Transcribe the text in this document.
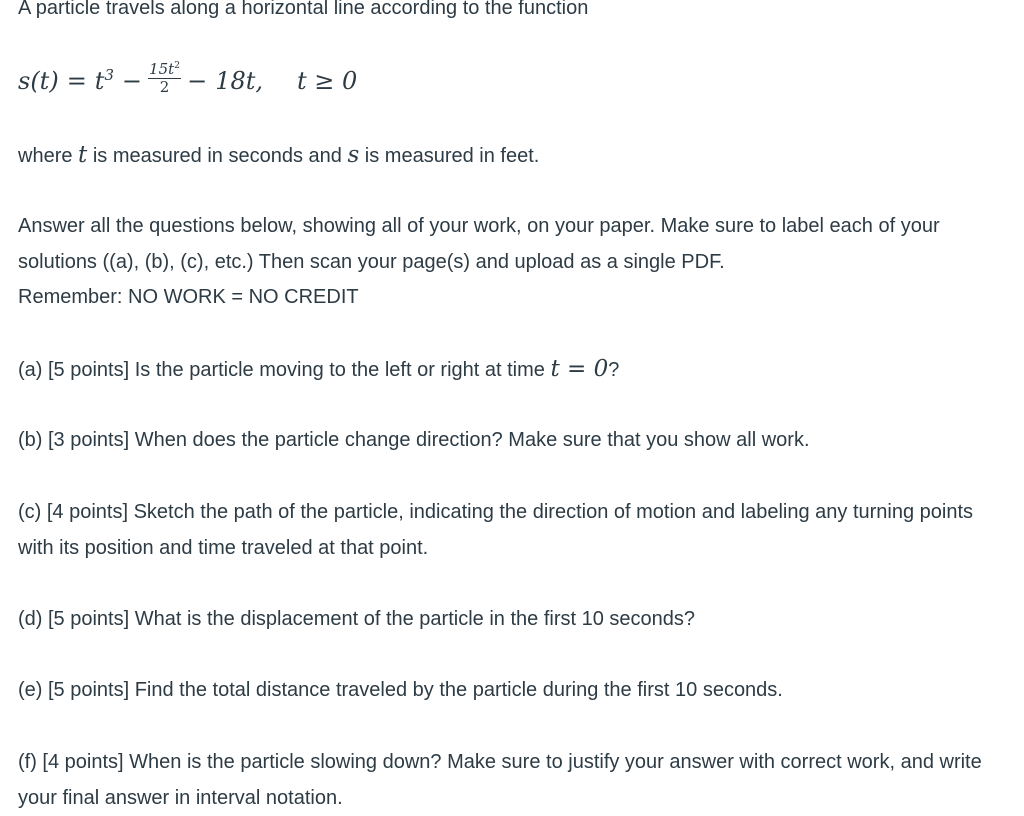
A particle travels along a horizontal line according to the function

$s(t) = t^3 - \frac{15t^2}{2} - 18t$, t ≥ 0

where t is measured in seconds and s is measured in feet.

Answer all the questions below, showing all of your work, on your paper. Make sure to label each of your solutions ((a), (b), (c), etc.) Then scan your page(s) and upload as a single PDF.

Remember: NO WORK = NO CREDIT

(a) [5 points] Is the particle moving to the left or right at time t = 0?

(b) [3 points] When does the particle change direction? Make sure that you show all work.

(c) [4 points] Sketch the path of the particle, indicating the direction of motion and labeling any turning points with its position and time traveled at that point.

(d) [5 points] What is the displacement of the particle in the first 10 seconds?

(e) [5 points] Find the total distance traveled by the particle during the first 10 seconds.

(f) [4 points] When is the particle slowing down? Make sure to justify your answer with correct work, and write your final answer in interval notation.
